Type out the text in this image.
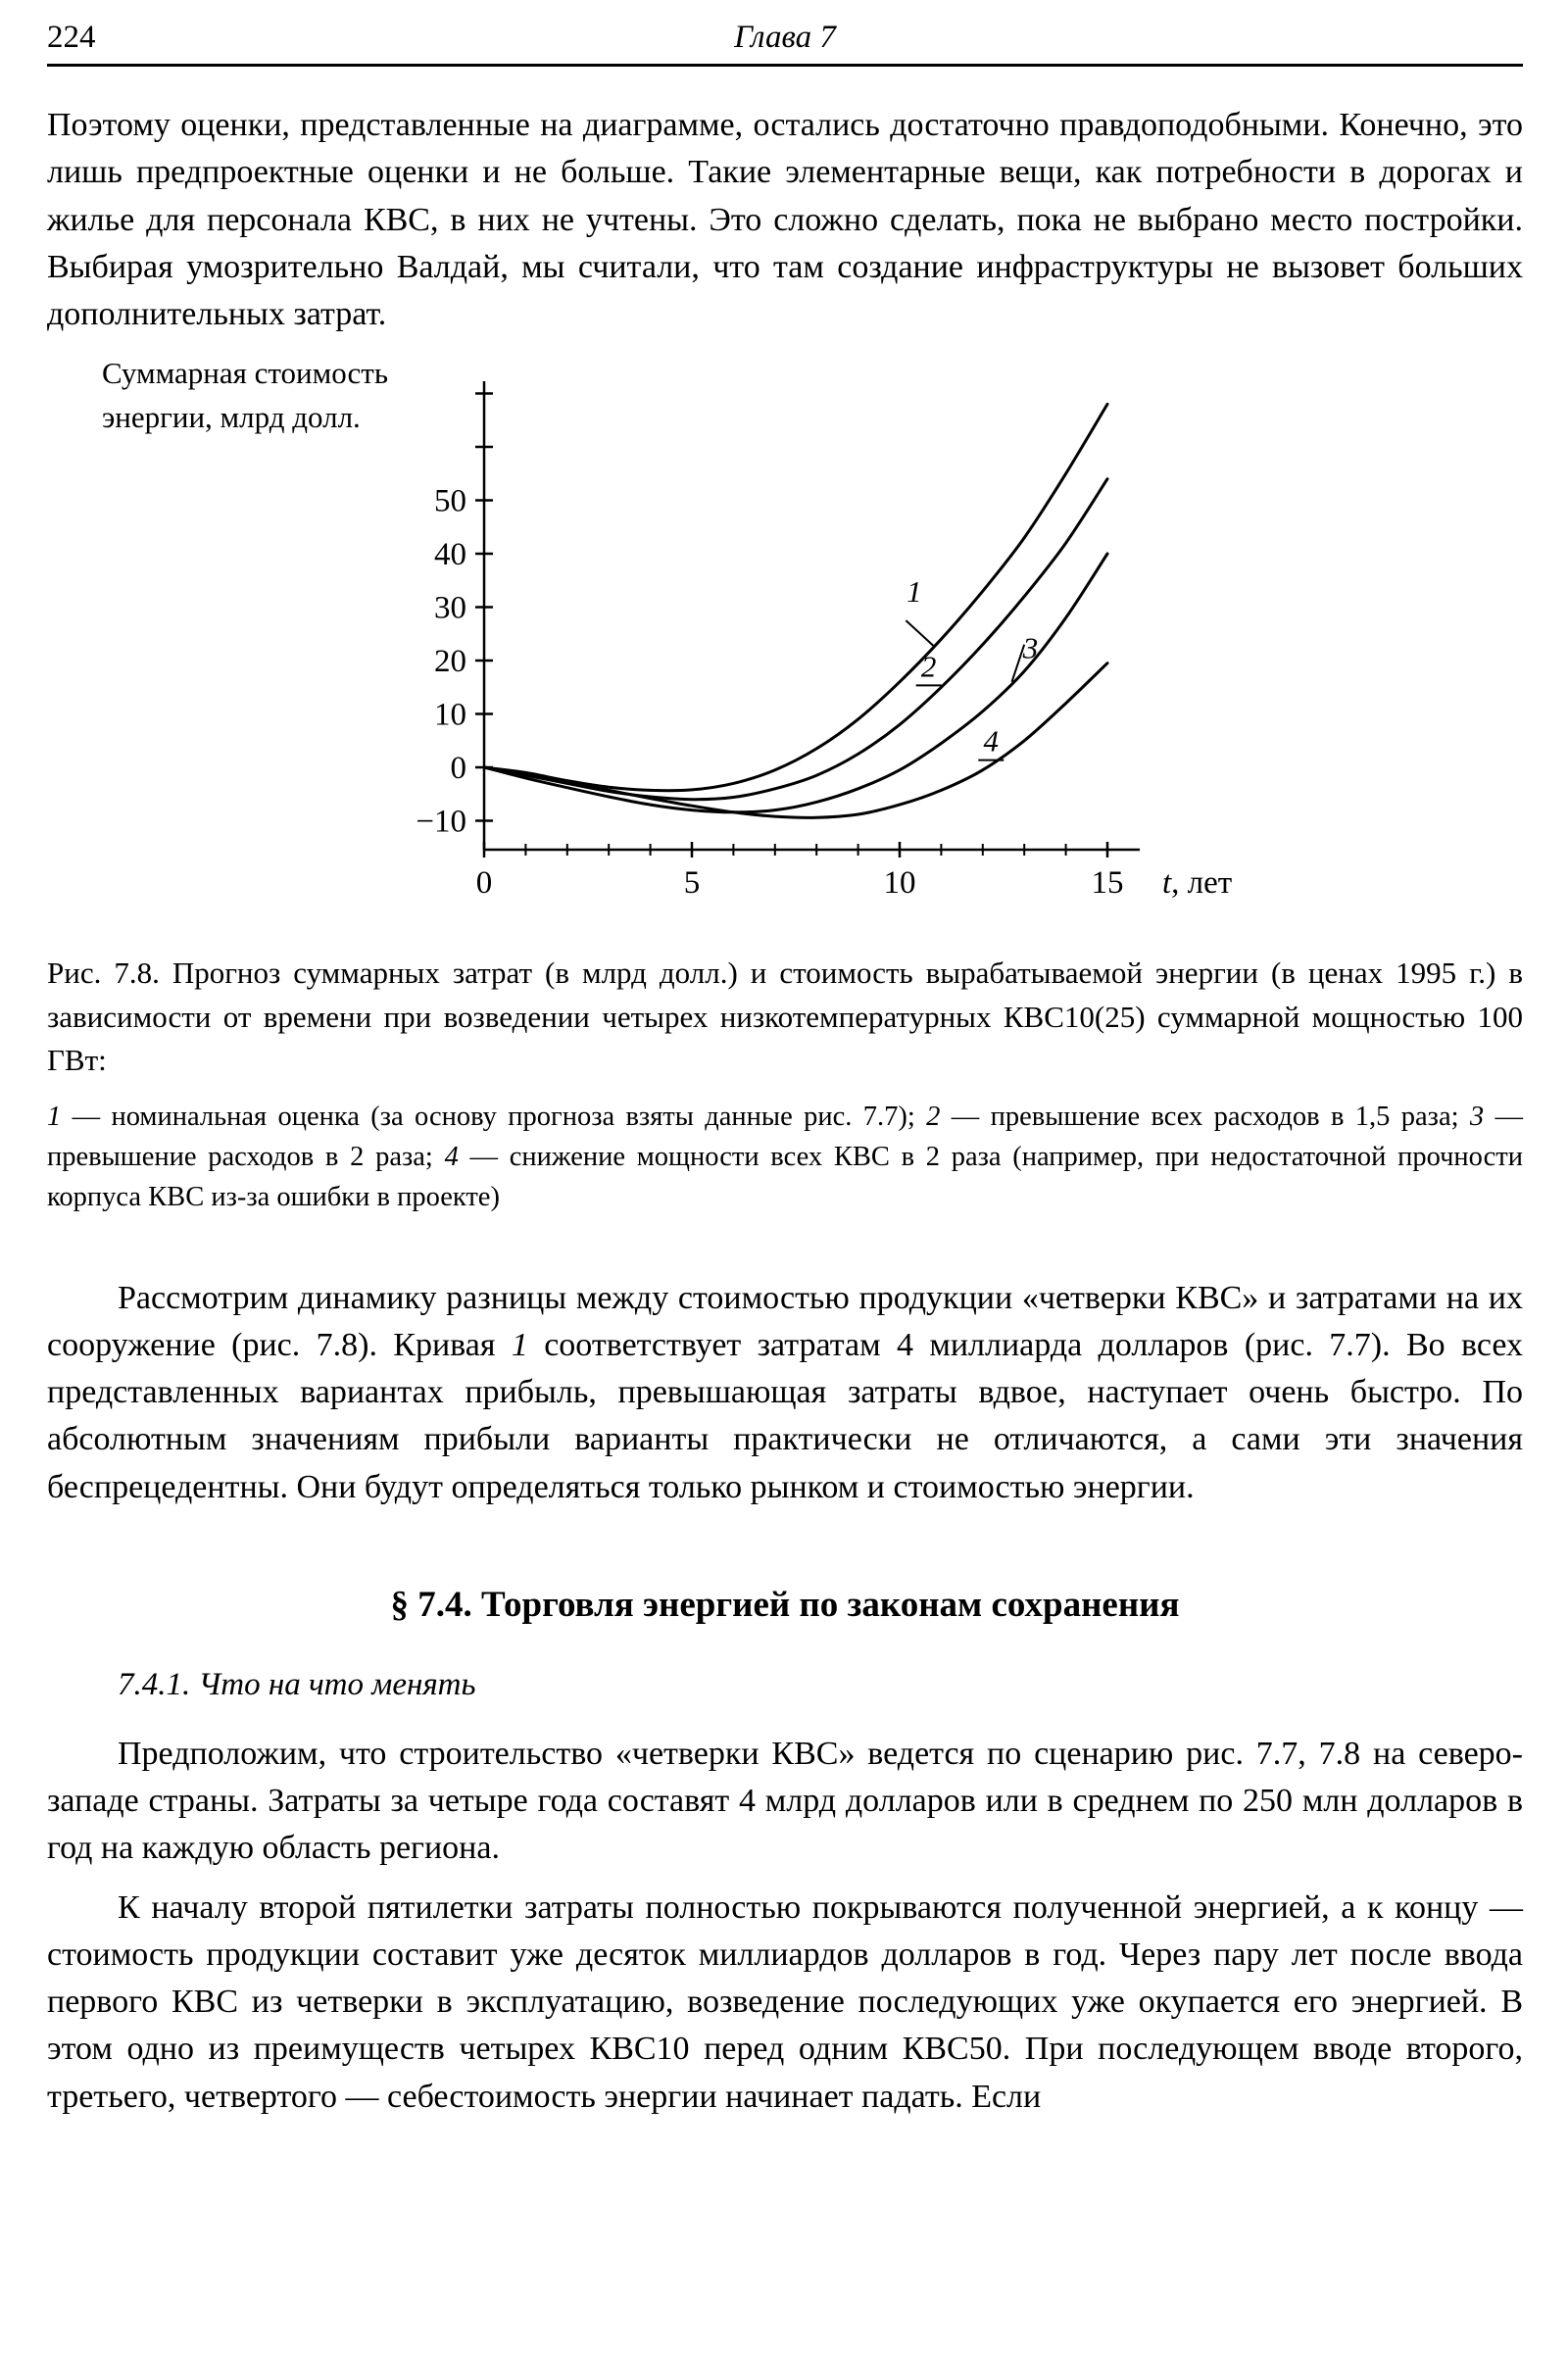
224	Глава 7

Поэтому оценки, представленные на диаграмме, остались достаточно правдоподобными. Конечно, это лишь предпроектные оценки и не больше. Такие элементарные вещи, как потребности в дорогах и жилье для персонала КВС, в них не учтены. Это сложно сделать, пока не выбрано место постройки. Выбирая умозрительно Валдай, мы считали, что там создание инфраструктуры не вызовет больших дополнительных затрат.

Суммарная стоимость
энергии, млрд долл.
50
40
30
20
10
0
−10
0	5	10	15 t, лет
1
2
3
4

Рис. 7.8. Прогноз суммарных затрат (в млрд долл.) и стоимость вырабатываемой энергии (в ценах 1995 г.) в зависимости от времени при возведении четырех низкотемпературных КВС10(25) суммарной мощностью 100 ГВт:

1 — номинальная оценка (за основу прогноза взяты данные рис. 7.7); 2 — превышение всех расходов в 1,5 раза; 3 — превышение расходов в 2 раза; 4 — снижение мощности всех КВС в 2 раза (например, при недостаточной прочности корпуса КВС из-за ошибки в проекте)

Рассмотрим динамику разницы между стоимостью продукции «четверки КВС» и затратами на их сооружение (рис. 7.8). Кривая 1 соответствует затратам 4 миллиарда долларов (рис. 7.7). Во всех представленных вариантах прибыль, превышающая затраты вдвое, наступает очень быстро. По абсолютным значениям прибыли варианты практически не отличаются, а сами эти значения беспрецедентны. Они будут определяться только рынком и стоимостью энергии.

§ 7.4. Торговля энергией по законам сохранения

7.4.1. Что на что менять

Предположим, что строительство «четверки КВС» ведется по сценарию рис. 7.7, 7.8 на северо-западе страны. Затраты за четыре года составят 4 млрд долларов или в среднем по 250 млн долларов в год на каждую область региона.

К началу второй пятилетки затраты полностью покрываются полученной энергией, а к концу — стоимость продукции составит уже десяток миллиардов долларов в год. Через пару лет после ввода первого КВС из четверки в эксплуатацию, возведение последующих уже окупается его энергией. В этом одно из преимуществ четырех КВС10 перед одним КВС50. При последующем вводе второго, третьего, четвертого — себестоимость энергии начинает падать. Если
